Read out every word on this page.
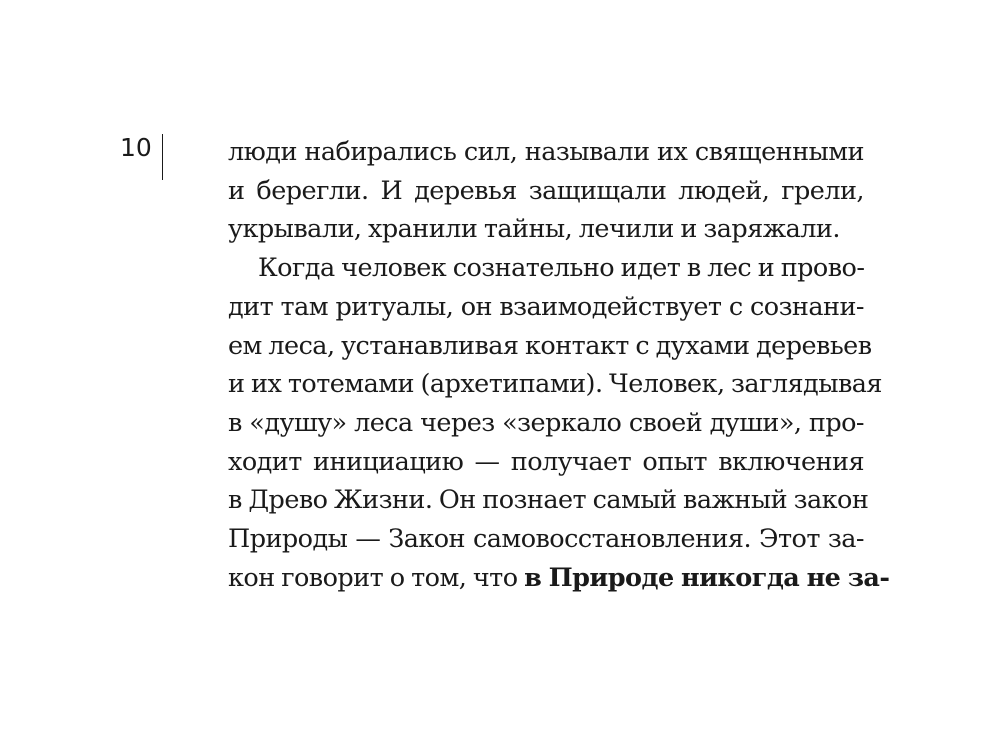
10	люди набирались сил, называли их священными
и берегли. И деревья защищали людей, грели,
укрывали, хранили тайны, лечили и заряжали.
Когда человек сознательно идет в лес и прово-
дит там ритуалы, он взаимодействует с сознани-
ем леса, устанавливая контакт с духами деревьев
и их тотемами (архетипами). Человек, заглядывая
в «душу» леса через «зеркало своей души», про-
ходит инициацию — получает опыт включения
в Древо Жизни. Он познает самый важный закон
Природы — Закон самовосстановления. Этот за-
кон говорит о том, что в Природе никогда не за-
